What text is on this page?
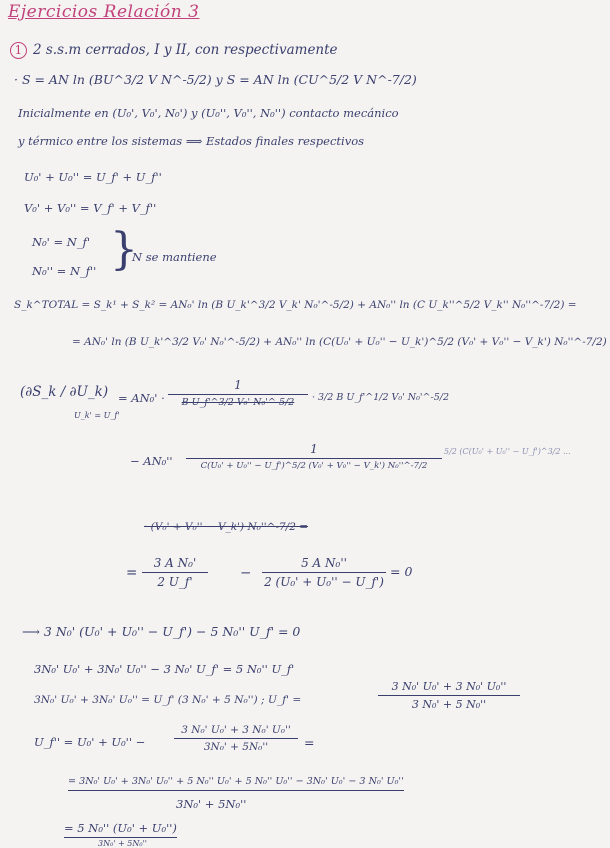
Ejercicios Relación 3
1 2 s.s.m cerrados, I y II, con respectivamente
· S = AN ln (BU^3/2 V N^-5/2) y S = AN ln (CU^5/2 V N^-7/2)
Inicialmente en (U₀', V₀', N₀') y (U₀'', V₀'', N₀'') contacto mecánico
y térmico entre los sistemas ⟹ Estados finales respectivos
U₀' + U₀'' = U_f' + U_f''
V₀' + V₀'' = V_f' + V_f''
N₀' = N_f'
N₀'' = N_f'' }
N se mantiene
S_k^TOTAL = S_k¹ + S_k² = AN₀' ln (B U_k'^3/2 V_k' N₀'^-5/2) + AN₀'' ln (C U_k''^5/2 V_k'' N₀''^-7/2) =
= AN₀' ln (B U_k'^3/2 V₀' N₀'^-5/2) + AN₀'' ln (C(U₀' + U₀'' − U_k')^5/2 (V₀' + V₀'' − V_k') N₀''^-7/2)
(∂S_k / ∂U_k)
U_k' = U_f'
= AN₀' ·
1
B U_f'^3/2 V₀' N₀'^-5/2	· 3/2 B U_f'^1/2 V₀' N₀'^-5/2
− AN₀''
1
C(U₀' + U₀'' − U_f')^5/2 (V₀' + V₀'' − V_k') N₀''^-7/2
5/2 (C(U₀' + U₀'' − U_f')^3/2 ...
· (V₀' + V₀'' − V_k') N₀''^-7/2 =
=
3 A N₀'
2 U_f'
−
5 A N₀''
2 (U₀' + U₀'' − U_f')
= 0
⟶ 3 N₀' (U₀' + U₀'' − U_f') − 5 N₀'' U_f' = 0
3N₀' U₀' + 3N₀' U₀'' − 3 N₀' U_f' = 5 N₀'' U_f'
3N₀' U₀' + 3N₀' U₀'' = U_f' (3 N₀' + 5 N₀'') ; U_f' =
3 N₀' U₀' + 3 N₀' U₀''
3 N₀' + 5 N₀''
U_f'' = U₀' + U₀'' −
3 N₀' U₀' + 3 N₀' U₀''
3N₀' + 5N₀''	=
= 3N₀' U₀' + 3N₀' U₀'' + 5 N₀'' U₀' + 5 N₀'' U₀'' − 3N₀' U₀' − 3 N₀' U₀''
3N₀' + 5N₀''
= 5 N₀'' (U₀' + U₀'')
3N₀' + 5N₀''
